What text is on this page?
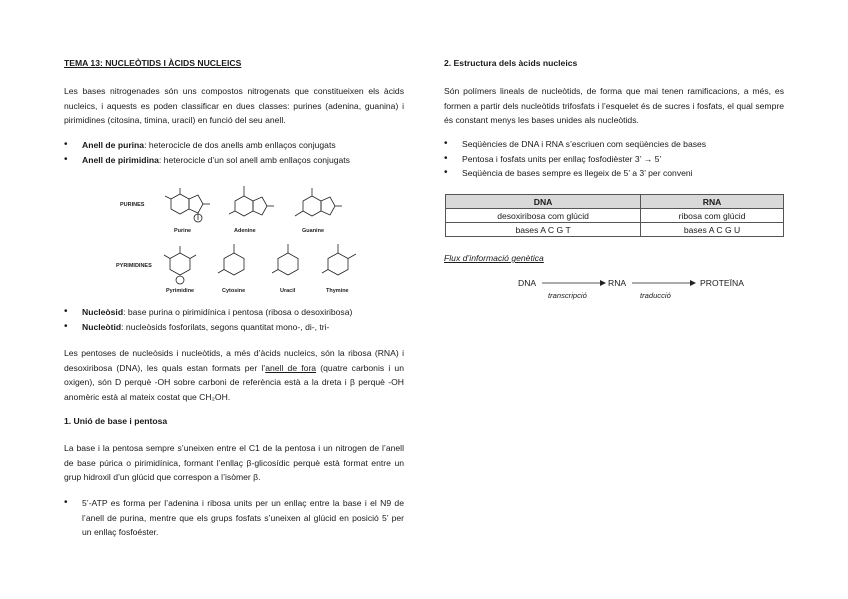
TEMA 13: NUCLEÒTIDS I ÀCIDS NUCLEICS

Les bases nitrogenades són uns compostos nitrogenats que constitueixen els àcids nucleics, i aquests es poden classificar en dues classes: purines (adenina, guanina) i pirimidines (citosina, timina, uracil) en funció del seu anell.

• Anell de purina: heterocicle de dos anells amb enllaços conjugats
• Anell de pirimidina: heterocicle d’un sol anell amb enllaços conjugats
PURINES
PYRIMIDINES
Purine	Adenine	Guanine
Pyrimidine	Cytosine	Uracil	Thymine
• Nucleòsid: base purina o pirimidínica i pentosa (ribosa o desoxiribosa)
• Nucleòtid: nucleòsids fosforilats, segons quantitat mono-, di-, tri-

Les pentoses de nucleòsids i nucleòtids, a més d’àcids nucleics, són la ribosa (RNA) i desoxiribosa (DNA), les quals estan formats per l’anell de fora (quatre carbonis i un oxigen), són D perquè -OH sobre carboni de referència està a la dreta i β perquè -OH anomèric està al mateix costat que CH₂OH.

1. Unió de base i pentosa

La base i la pentosa sempre s’uneixen entre el C1 de la pentosa i un nitrogen de l’anell de base púrica o pirimidínica, formant l’enllaç β-glicosídic perquè està format entre un grup hidroxil d’un glúcid que correspon a l’isòmer β.

• 5’-ATP es forma per l’adenina i ribosa units per un enllaç entre la base i el N9 de l’anell de purina, mentre que els grups fosfats s’uneixen al glúcid en posició 5’ per un enllaç fosfoéster.
2. Estructura dels àcids nucleics

Són polímers lineals de nucleòtids, de forma que mai tenen ramificacions, a més, es formen a partir dels nucleòtids trifosfats i l’esquelet és de sucres i fosfats, el qual sempre és constant menys les bases unides als nucleòtids.

• Seqüències de DNA i RNA s’escriuen com seqüències de bases
• Pentosa i fosfats units per enllaç fosfodièster 3’ → 5’
• Seqüència de bases sempre es llegeix de 5’ a 3’ per conveni
DNA	RNA
desoxiribosa com glúcid	ribosa com glúcid
bases A C G T	bases A C G U
Flux d’informació genètica
DNA
transcripció
RNA
traducció
PROTEÏNA
